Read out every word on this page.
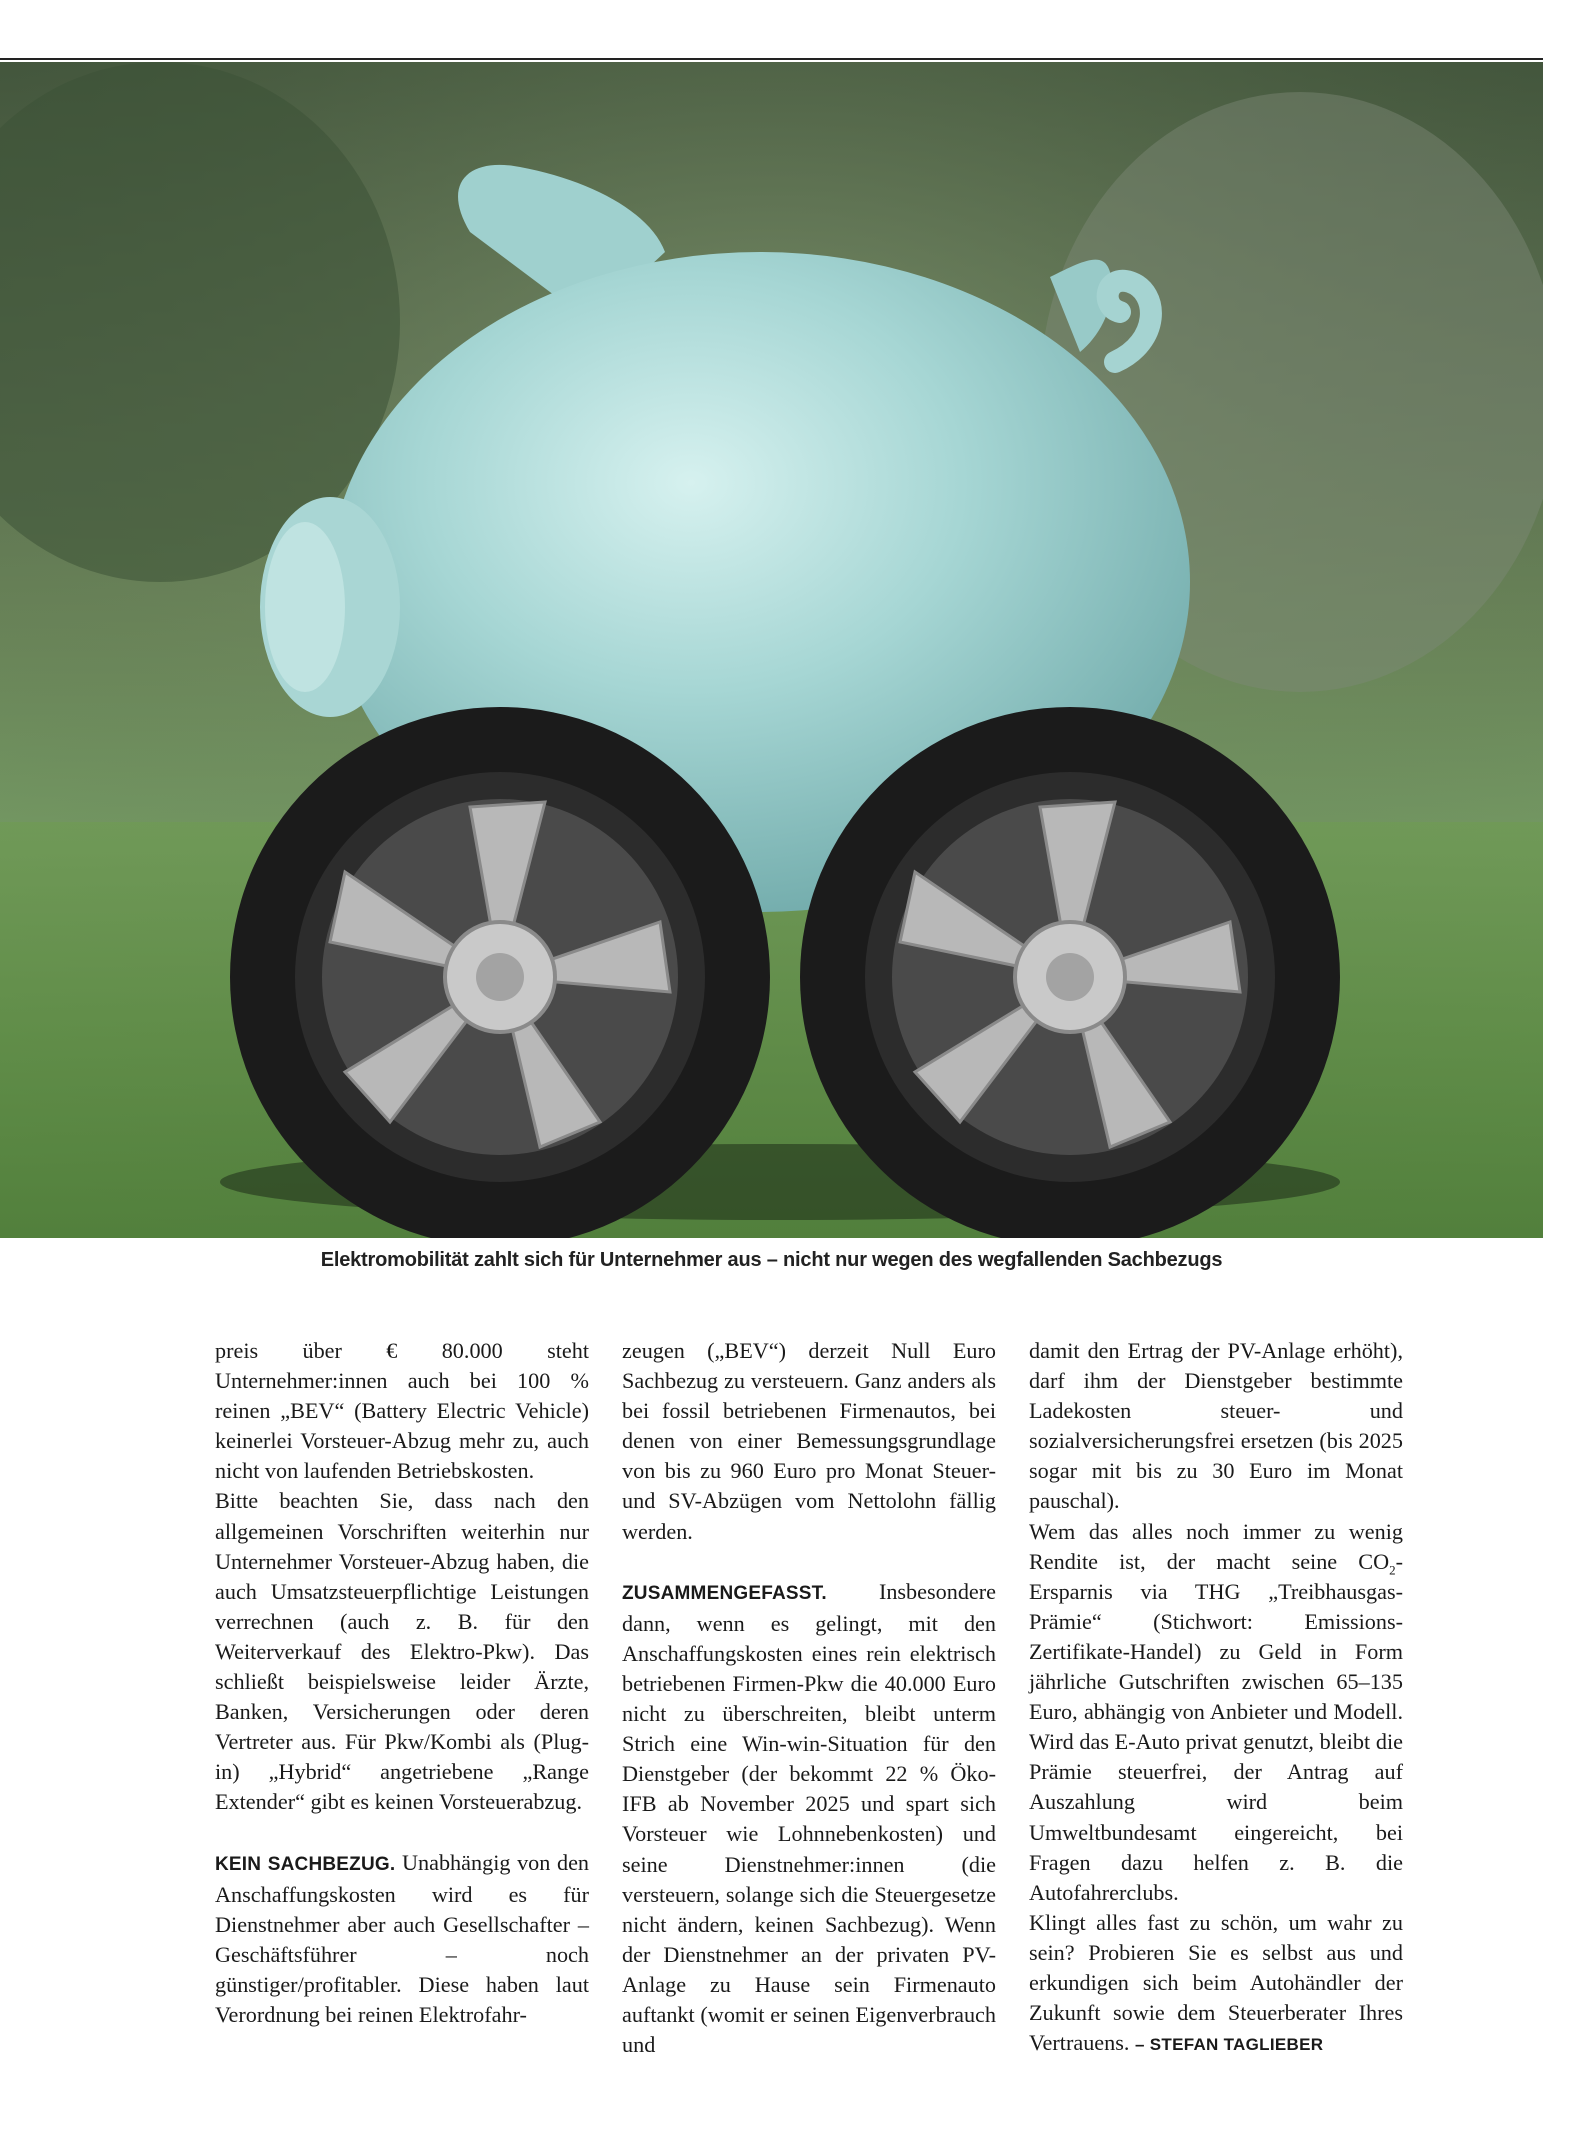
Elektromobilität zahlt sich für Unternehmer aus – nicht nur wegen des wegfallenden Sachbezugs

preis über € 80.000 steht Unternehmer:innen auch bei 100 % reinen „BEV“ (Battery Electric Vehicle) keinerlei Vorsteuer-Abzug mehr zu, auch nicht von laufenden Betriebskosten.

Bitte beachten Sie, dass nach den allgemeinen Vorschriften weiterhin nur Unternehmer Vorsteuer-Abzug haben, die auch Umsatzsteuerpflichtige Leistungen verrechnen (auch z. B. für den Weiterverkauf des Elektro-Pkw). Das schließt beispielsweise leider Ärzte, Banken, Versicherungen oder deren Vertreter aus. Für Pkw/Kombi als (Plug-in) „Hybrid“ angetriebene „Range Extender“ gibt es keinen Vorsteuerabzug.

KEIN SACHBEZUG. Unabhängig von den Anschaffungskosten wird es für Dienstnehmer aber auch Gesellschafter – Geschäftsführer – noch günstiger/profitabler. Diese haben laut Verordnung bei reinen Elektrofahr-

zeugen („BEV“) derzeit Null Euro Sachbezug zu versteuern. Ganz anders als bei fossil betriebenen Firmenautos, bei denen von einer Bemessungsgrundlage von bis zu 960 Euro pro Monat Steuer- und SV-Abzügen vom Nettolohn fällig werden.

ZUSAMMENGEFASST. Insbesondere dann, wenn es gelingt, mit den Anschaffungskosten eines rein elektrisch betriebenen Firmen-Pkw die 40.000 Euro nicht zu überschreiten, bleibt unterm Strich eine Win-win-Situation für den Dienstgeber (der bekommt 22 % Öko-IFB ab November 2025 und spart sich Vorsteuer wie Lohnnebenkosten) und seine Dienstnehmer:innen (die versteuern, solange sich die Steuergesetze nicht ändern, keinen Sachbezug). Wenn der Dienstnehmer an der privaten PV-Anlage zu Hause sein Firmenauto auftankt (womit er seinen Eigenverbrauch und

damit den Ertrag der PV-Anlage erhöht), darf ihm der Dienstgeber bestimmte Ladekosten steuer- und sozialversicherungsfrei ersetzen (bis 2025 sogar mit bis zu 30 Euro im Monat pauschal).

Wem das alles noch immer zu wenig Rendite ist, der macht seine $CO_2$-Ersparnis via THG „Treibhausgas-Prämie“ (Stichwort: Emissions-Zertifikate-Handel) zu Geld in Form jährliche Gutschriften zwischen 65–135 Euro, abhängig von Anbieter und Modell. Wird das E-Auto privat genutzt, bleibt die Prämie steuerfrei, der Antrag auf Auszahlung wird beim Umweltbundesamt eingereicht, bei Fragen dazu helfen z. B. die Autofahrerclubs.

Klingt alles fast zu schön, um wahr zu sein? Probieren Sie es selbst aus und erkundigen sich beim Autohändler der Zukunft sowie dem Steuerberater Ihres Vertrauens. – STEFAN TAGLIEBER
